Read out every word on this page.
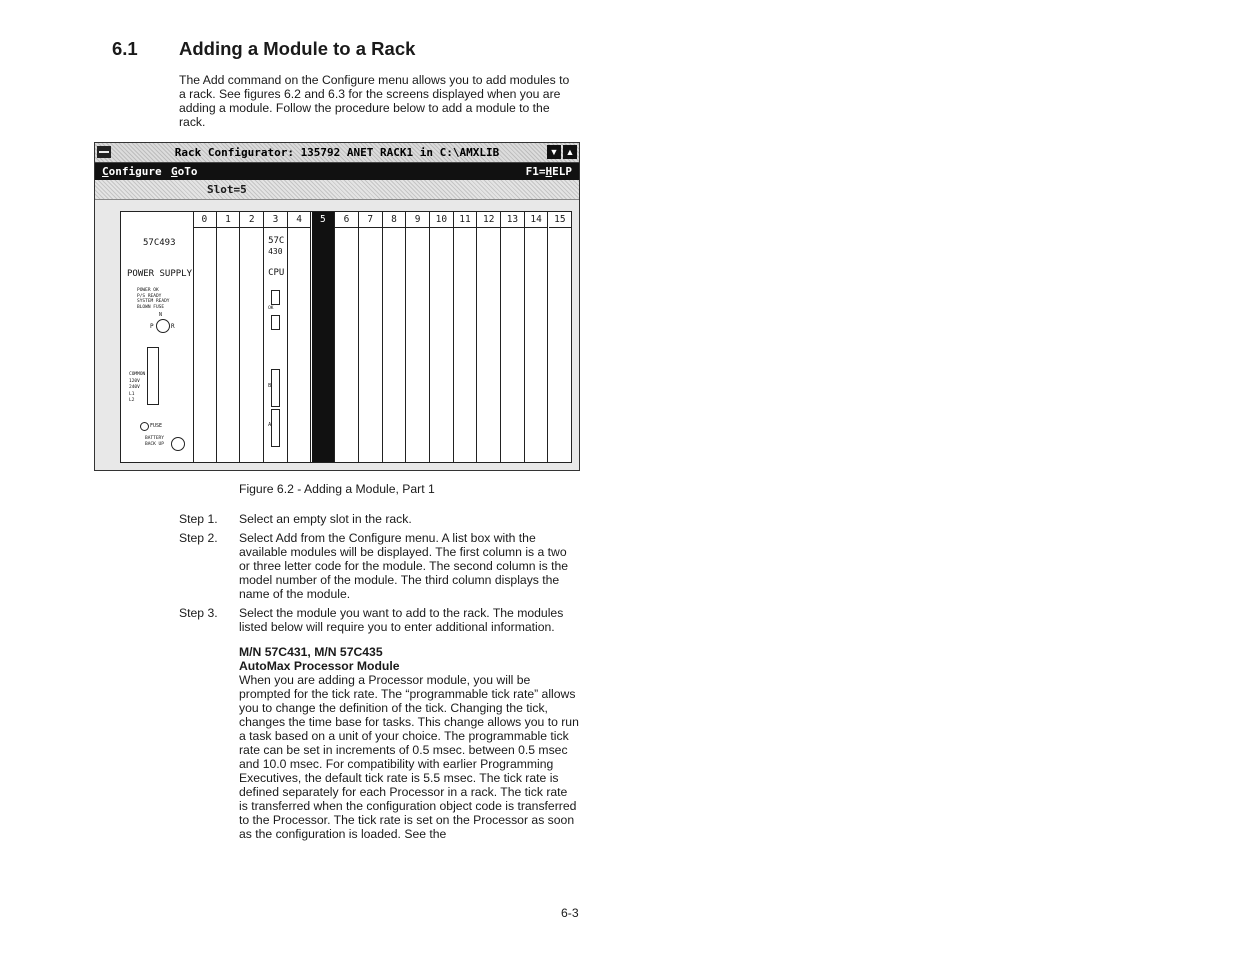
6.1 Adding a Module to a Rack
The Add command on the Configure menu allows you to add modules to a rack. See figures 6.2 and 6.3 for the screens displayed when you are adding a module. Follow the procedure below to add a module to the rack.
Rack Configurator: 135792 ANET RACK1 in C:\AMXLIB	▼ ▲
Configure GoTo	F1=HELP
Slot=5
57C493
POWER SUPPLY
POWER OK
P/S READY
SYSTEM READY
BLOWN FUSE
N
P	R
COMMON
120V
240V
L1
L2
FUSE
BATTERY BACK UP
0	1	2	3
57C
430
CPU
OK
B
A
4	5	6	7	8	9	10	11	12	13	14	15
Figure 6.2 - Adding a Module, Part 1
Step 1. Select an empty slot in the rack.
Step 2. Select Add from the Configure menu. A list box with the available modules will be displayed. The first column is a two or three letter code for the module. The second column is the model number of the module. The third column displays the name of the module.
Step 3. Select the module you want to add to the rack. The modules listed below will require you to enter additional information.
M/N 57C431, M/N 57C435
AutoMax Processor Module
When you are adding a Processor module, you will be prompted for the tick rate. The “programmable tick rate” allows you to change the definition of the tick. Changing the tick, changes the time base for tasks. This change allows you to run a task based on a unit of your choice. The programmable tick rate can be set in increments of 0.5 msec. between 0.5 msec and 10.0 msec. For compatibility with earlier Programming Executives, the default tick rate is 5.5 msec. The tick rate is defined separately for each Processor in a rack. The tick rate is transferred when the configuration object code is transferred to the Processor. The tick rate is set on the Processor as soon as the configuration is loaded. See the
6-3
